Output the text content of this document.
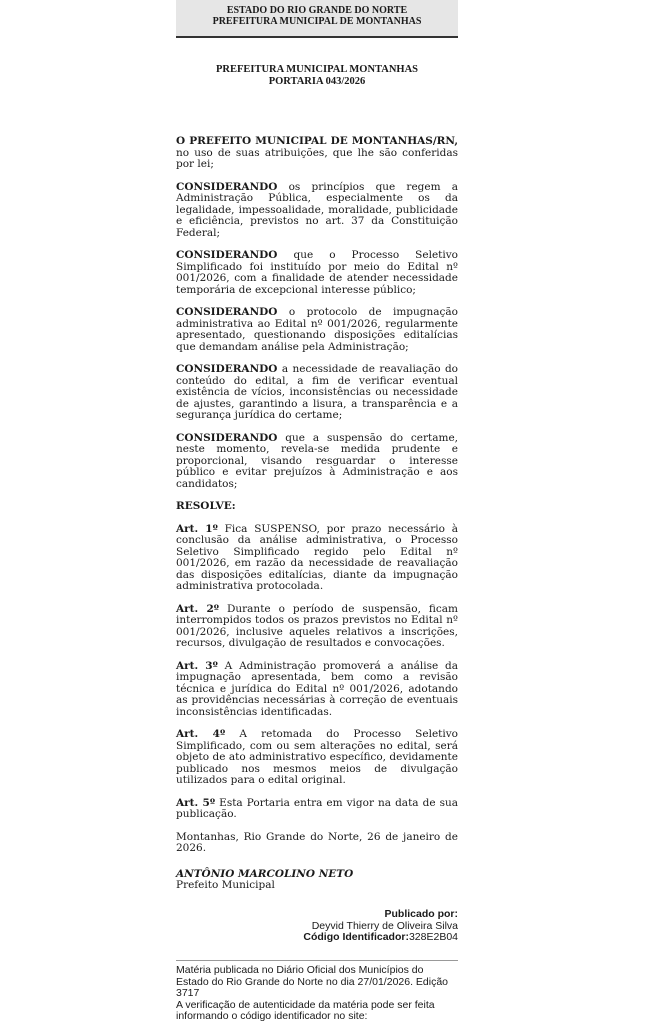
ESTADO DO RIO GRANDE DO NORTE
PREFEITURA MUNICIPAL DE MONTANHAS
PREFEITURA MUNICIPAL MONTANHAS
PORTARIA 043/2026

O PREFEITO MUNICIPAL DE MONTANHAS/RN, no uso de suas atribuições, que lhe são conferidas por lei;

CONSIDERANDO os princípios que regem a Administração Pública, especialmente os da legalidade, impessoalidade, moralidade, publicidade e eficiência, previstos no art. 37 da Constituição Federal;

CONSIDERANDO que o Processo Seletivo Simplificado foi instituído por meio do Edital nº 001/2026, com a finalidade de atender necessidade temporária de excepcional interesse público;

CONSIDERANDO o protocolo de impugnação administrativa ao Edital nº 001/2026, regularmente apresentado, questionando disposições editalícias que demandam análise pela Administração;

CONSIDERANDO a necessidade de reavaliação do conteúdo do edital, a fim de verificar eventual existência de vícios, inconsistências ou necessidade de ajustes, garantindo a lisura, a transparência e a segurança jurídica do certame;

CONSIDERANDO que a suspensão do certame, neste momento, revela-se medida prudente e proporcional, visando resguardar o interesse público e evitar prejuízos à Administração e aos candidatos;

RESOLVE:

Art. 1º Fica SUSPENSO, por prazo necessário à conclusão da análise administrativa, o Processo Seletivo Simplificado regido pelo Edital nº 001/2026, em razão da necessidade de reavaliação das disposições editalícias, diante da impugnação administrativa protocolada.

Art. 2º Durante o período de suspensão, ficam interrompidos todos os prazos previstos no Edital nº 001/2026, inclusive aqueles relativos a inscrições, recursos, divulgação de resultados e convocações.

Art. 3º A Administração promoverá a análise da impugnação apresentada, bem como a revisão técnica e jurídica do Edital nº 001/2026, adotando as providências necessárias à correção de eventuais inconsistências identificadas.

Art. 4º A retomada do Processo Seletivo Simplificado, com ou sem alterações no edital, será objeto de ato administrativo específico, devidamente publicado nos mesmos meios de divulgação utilizados para o edital original.

Art. 5º Esta Portaria entra em vigor na data de sua publicação.

Montanhas, Rio Grande do Norte, 26 de janeiro de 2026.

ANTÔNIO MARCOLINO NETO
Prefeito Municipal
Publicado por:
Deyvid Thierry de Oliveira Silva
Código Identificador:328E2B04
Matéria publicada no Diário Oficial dos Municípios do Estado do Rio Grande do Norte no dia 27/01/2026. Edição 3717
A verificação de autenticidade da matéria pode ser feita informando o código identificador no site:
